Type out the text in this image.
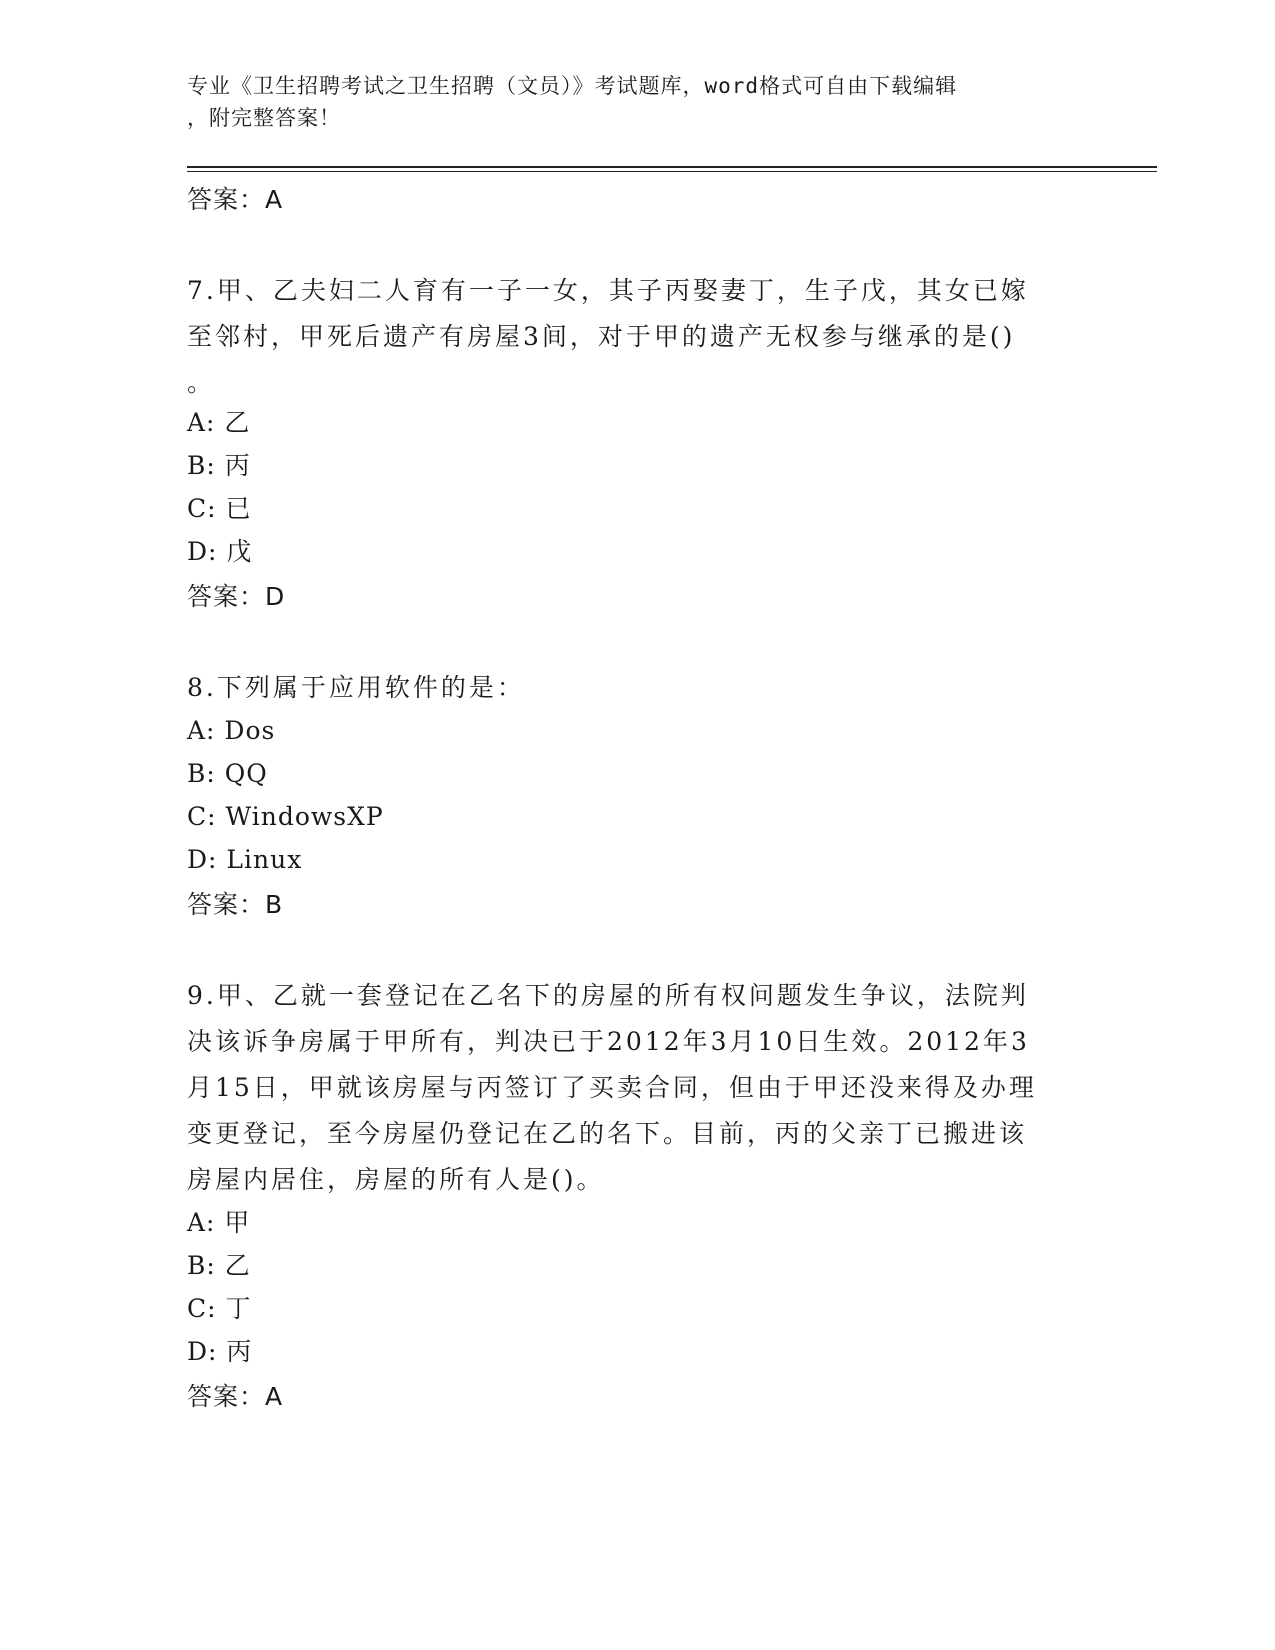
专业《卫生招聘考试之卫生招聘（文员）》考试题库，word格式可自由下载编辑
，附完整答案！

答案：A

7.甲、乙夫妇二人育有一子一女，其子丙娶妻丁，生子戊，其女已嫁
至邻村，甲死后遗产有房屋3间，对于甲的遗产无权参与继承的是()
。

A: 乙

B: 丙

C: 已

D: 戊

答案：D

8.下列属于应用软件的是：

A: Dos

B: QQ

C: WindowsXP

D: Linux

答案：B

9.甲、乙就一套登记在乙名下的房屋的所有权问题发生争议，法院判
决该诉争房属于甲所有，判决已于2012年3月10日生效。2012年3
月15日，甲就该房屋与丙签订了买卖合同，但由于甲还没来得及办理
变更登记，至今房屋仍登记在乙的名下。目前，丙的父亲丁已搬进该
房屋内居住，房屋的所有人是()。

A: 甲

B: 乙

C: 丁

D: 丙

答案：A
